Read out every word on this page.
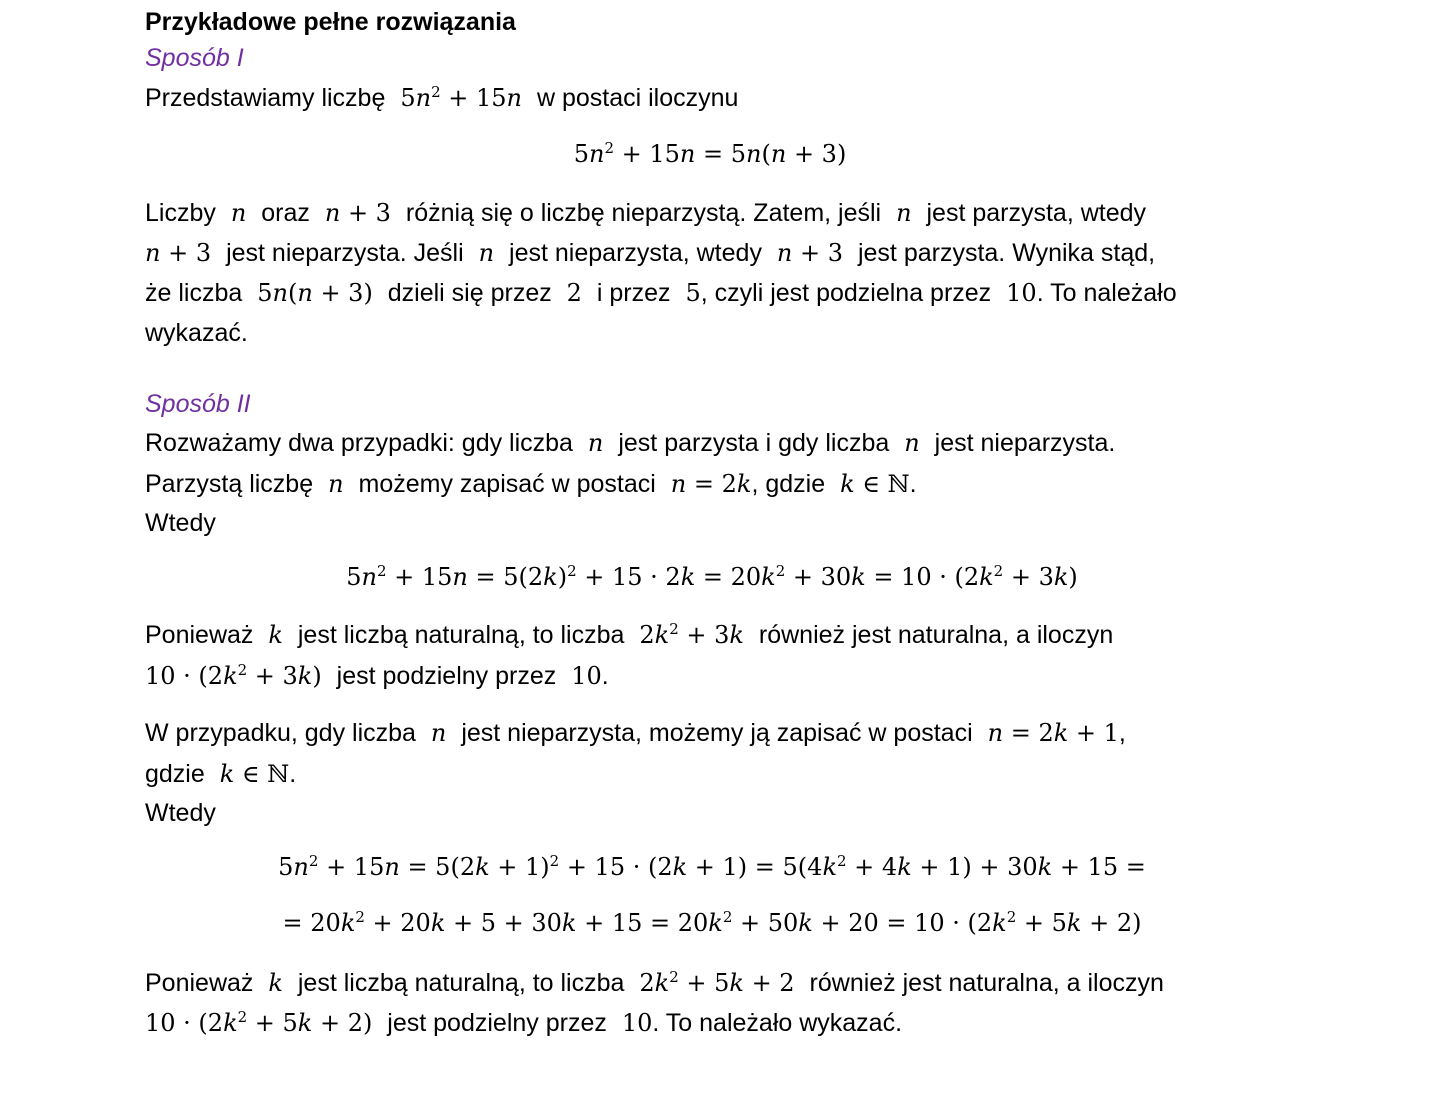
Przykładowe pełne rozwiązania
Sposób I
Przedstawiamy liczbę $5n^2 + 15n$ w postaci iloczynu
$5n^2 + 15n = 5n(n + 3)$
Liczby n oraz n + 3 różnią się o liczbę nieparzystą. Zatem, jeśli n jest parzysta, wtedy
n + 3 jest nieparzysta. Jeśli n jest nieparzysta, wtedy n + 3 jest parzysta. Wynika stąd,
że liczba 5n(n + 3) dzieli się przez 2 i przez 5, czyli jest podzielna przez 10. To należało
wykazać.
Sposób II
Rozważamy dwa przypadki: gdy liczba n jest parzysta i gdy liczba n jest nieparzysta.
Parzystą liczbę n możemy zapisać w postaci n = 2k, gdzie k ∈ ℕ.
Wtedy
$5n^2 + 15n = 5(2k)^2 + 15 \cdot 2k = 20k^2 + 30k = 10 \cdot (2k^2 + 3k)$
Ponieważ k jest liczbą naturalną, to liczba $2k^2 + 3k$ również jest naturalna, a iloczyn
$10 \cdot (2k^2 + 3k)$ jest podzielny przez 10.
W przypadku, gdy liczba n jest nieparzysta, możemy ją zapisać w postaci n = 2k + 1,
gdzie k ∈ ℕ.
Wtedy
$5n^2 + 15n = 5(2k + 1)^2 + 15 \cdot (2k + 1) = 5(4k^2 + 4k + 1) + 30k + 15$ =
= $20k^2 + 20k + 5 + 30k + 15 = 20k^2 + 50k + 20 = 10 \cdot (2k^2 + 5k + 2)$
Ponieważ k jest liczbą naturalną, to liczba $2k^2 + 5k + 2$ również jest naturalna, a iloczyn
$10 \cdot (2k^2 + 5k + 2)$ jest podzielny przez 10. To należało wykazać.
